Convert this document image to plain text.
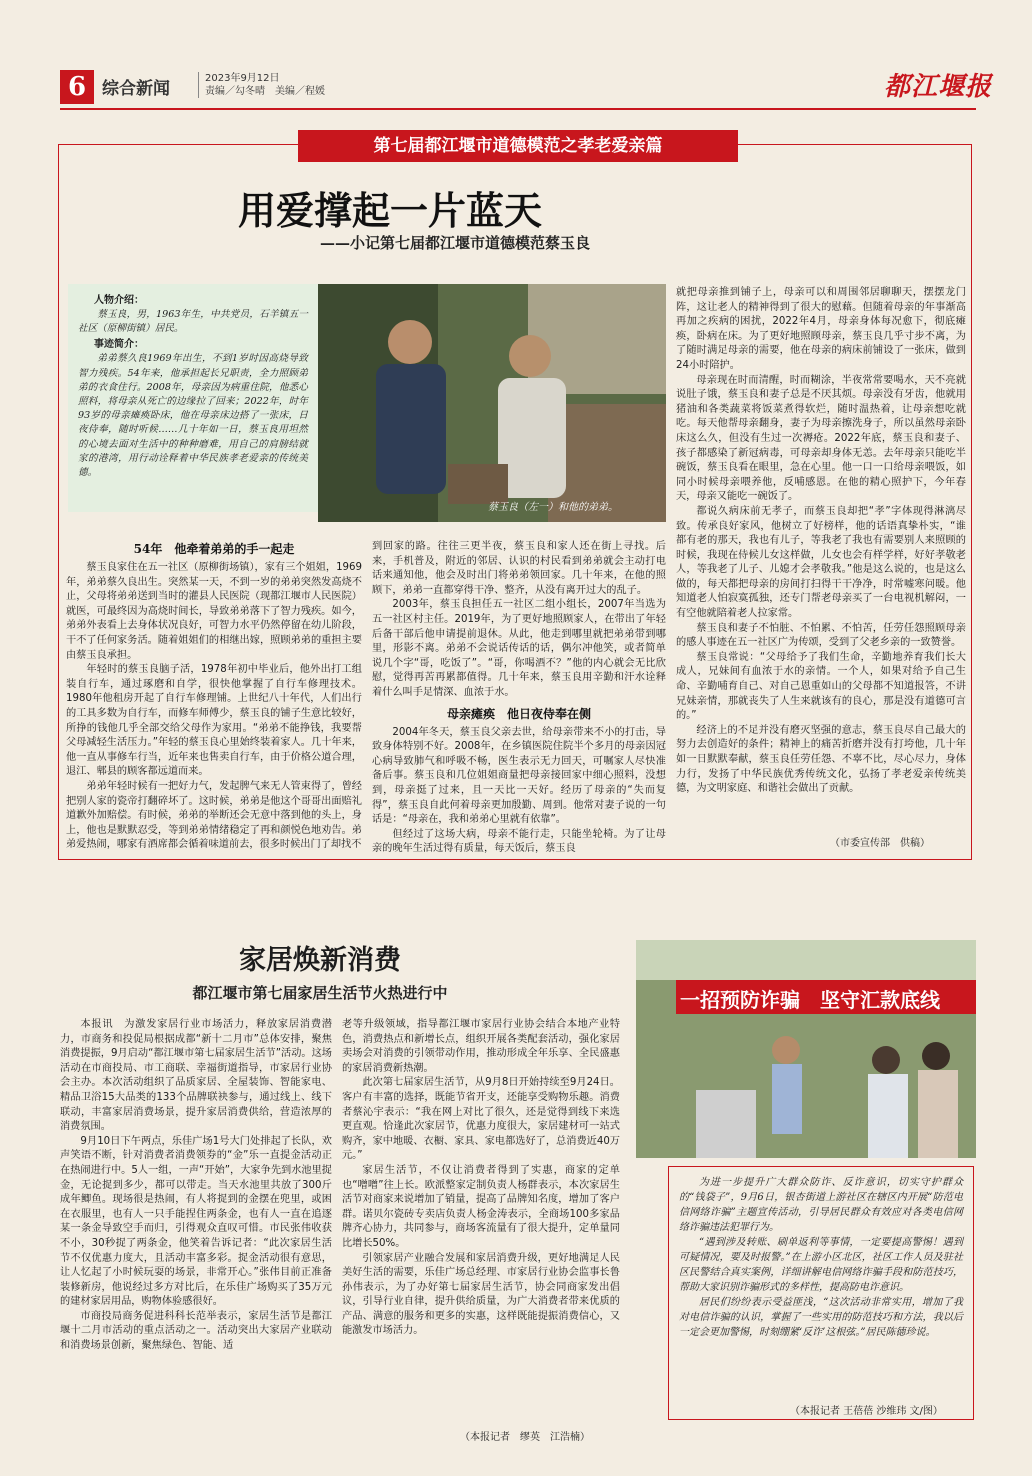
6 综合新闻
2023年9月12日
责编／勾冬晴　美编／程媛	都江堰报
第七届都江堰市道德模范之孝老爱亲篇
用爱撑起一片蓝天
——小记第七届都江堰市道德模范蔡玉良
人物介绍：
蔡玉良，男，1963年生，中共党员，石羊镇五一社区（原柳街镇）居民。
事迹简介：
弟弟蔡久良1969年出生，不到1岁时因高烧导致智力残疾。54年来，他承担起长兄职责，全力照顾弟弟的衣食住行。2008年，母亲因为病重住院，他悉心照料，将母亲从死亡的边缘拉了回来；2022年，时年93岁的母亲瘫痪卧床，他在母亲床边搭了一张床，日夜侍奉，随时听候……几十年如一日，蔡玉良用坦然的心境去面对生活中的种种磨难，用自己的肩膀结就家的港湾，用行动诠释着中华民族孝老爱亲的传统美德。
蔡玉良（左一）和他的弟弟。
54年　他牵着弟弟的手一起走

蔡玉良家住在五一社区（原柳街场镇），家有三个姐姐，1969年，弟弟蔡久良出生。突然某一天，不到一岁的弟弟突然发高烧不止，父母将弟弟送到当时的灌县人民医院（现都江堰市人民医院）就医，可最终因为高烧时间长，导致弟弟落下了智力残疾。如今，弟弟外表看上去身体状况良好，可智力水平仍然停留在幼儿阶段，干不了任何家务活。随着姐姐们的相继出嫁，照顾弟弟的重担主要由蔡玉良承担。

年轻时的蔡玉良脑子活，1978年初中毕业后，他外出打工组装自行车，通过琢磨和自学，很快他掌握了自行车修理技术。1980年他租房开起了自行车修理铺。上世纪八十年代，人们出行的工具多数为自行车，而修车师傅少，蔡玉良的铺子生意比较好，所挣的钱他几乎全部交给父母作为家用。“弟弟不能挣钱，我要帮父母减轻生活压力。”年轻的蔡玉良心里始终装着家人。几十年来，他一直从事修车行当，近年来也售卖自行车，由于价格公道合理，退江、郫县的顾客都远道而来。

弟弟年轻时候有一把好力气，发起脾气来无人管束得了，曾经把别人家的瓷帝打翻碎坏了。这时候，弟弟是他这个哥哥出面赔礼道歉外加赔偿。有时候，弟弟的举断还会无意中落到他的头上，身上，他也是默默忍受，等到弟弟情绪稳定了再和颜悦色地劝告。弟弟爱热闹，哪家有酒席都会循着味道前去，很多时候出门了却找不

到回家的路。往往三更半夜，蔡玉良和家人还在街上寻找。后来，手机普及，附近的邻居、认识的村民看到弟弟就会主动打电话来通知他，他会及时出门将弟弟领回家。几十年来，在他的照顾下，弟弟一直都穿得干净、整齐，从没有离开过大的乱子。

2003年，蔡玉良担任五一社区二组小组长，2007年当选为五一社区村主任。2019年，为了更好地照顾家人，在带出了年轻后备干部后他申请提前退休。从此，他走到哪里就把弟弟带到哪里，形影不离。弟弟不会说话传话的话，偶尔冲他笑，或者简单说几个字“哥，吃饭了”。“哥，你喝酒不？”他的内心就会无比欣慰，觉得再苦再累都值得。几十年来，蔡玉良用辛勤和汗水诠释着什么叫手足情深、血浓于水。

母亲瘫痪　他日夜侍奉在侧

2004年冬天，蔡玉良父亲去世，给母亲带来不小的打击，导致身体特别不好。2008年，在乡镇医院住院半个多月的母亲因冠心病导致肺气和呼吸不畅，医生表示无力回天，可嘱家人尽快准备后事。蔡玉良和几位姐姐商量把母亲接回家中细心照料，没想到，母亲挺了过来，且一天比一天好。经历了母亲的“失而复得”，蔡玉良自此何着母亲更加殷勤、周到。他常对妻子说的一句话是：“母亲在，我和弟弟心里就有依靠”。

但经过了这场大病，母亲不能行走，只能坐轮椅。为了让母亲的晚年生活过得有质量，每天饭后，蔡玉良

就把母亲推到铺子上，母亲可以和周围邻居聊聊天，摆摆龙门阵，这让老人的精神得到了很大的慰藉。但随着母亲的年事渐高再加之疾病的困扰，2022年4月，母亲身体每况愈下，彻底瘫痪，卧病在床。为了更好地照顾母亲，蔡玉良几乎寸步不离，为了随时满足母亲的需要，他在母亲的病床前铺设了一张床，做到24小时陪护。

母亲现在时而清醒，时而糊涂，半夜常常要喝水，天不亮就说肚子饿，蔡玉良和妻子总是不厌其烦。母亲没有牙齿，他就用猪油和各类蔬菜将饭菜煮得软烂，随时温热着，让母亲想吃就吃。每天他帮母亲翻身，妻子为母亲擦洗身子，所以虽然母亲卧床这么久，但没有生过一次褥疮。2022年底，蔡玉良和妻子、孩子都感染了新冠病毒，可母亲却身体无恙。去年母亲只能吃半碗饭，蔡玉良看在眼里，急在心里。他一口一口给母亲喂饭，如同小时候母亲喂养他，反哺感恩。在他的精心照护下，今年春天，母亲又能吃一碗饭了。

都说久病床前无孝子，而蔡玉良却把“孝”字体现得淋漓尽致。传承良好家风，他树立了好榜样，他的话语真挚朴实，“谁都有老的那天，我也有儿子，等我老了我也有需要别人来照顾的时候，我现在侍候儿女这样做，儿女也会有样学样，好好孝敬老人，等我老了儿子、儿媳才会孝敬我。”他是这么说的，也是这么做的，每天都把母亲的房间打扫得干干净净，时常嘘寒问暖。他知道老人怕寂寞孤独，还专门帮老母亲买了一台电视机解闷，一有空他就陪着老人拉家常。

蔡玉良和妻子不怕脏、不怕累、不怕苦，任劳任怨照顾母亲的感人事迹在五一社区广为传颂，受到了父老乡亲的一致赞誉。

蔡玉良常说：“父母给予了我们生命，辛勤地养育我们长大成人，兄妹间有血浓于水的亲情。一个人，如果对给予自己生命、辛勤哺育自己、对自己恩重如山的父母都不知道报答，不讲兄妹亲情，那就丧失了人生来就该有的良心，那是没有道德可言的。”

经济上的不足并没有磨灭坚强的意志，蔡玉良尽自己最大的努力去创造好的条件；精神上的痛苦折磨并没有打垮他，几十年如一日默默奉献，蔡玉良任劳任怨、不辜不比，尽心尽力，身体力行，发扬了中华民族优秀传统文化，弘扬了孝老爱亲传统美德，为文明家庭、和谐社会做出了贡献。

（市委宣传部　供稿）
家居焕新消费
都江堰市第七届家居生活节火热进行中

本报讯　为激发家居行业市场活力，释放家居消费潜力，市商务和投促局根据成都“新十二月市”总体安排，聚焦消费提振，9月启动“都江堰市第七届家居生活节”活动。这场活动在市商投局、市工商联、幸福街道指导，市家居行业协会主办。本次活动组织了品质家居、全屋装饰、智能家电、精品卫浴15大品类的133个品牌联袂参与，通过线上、线下联动，丰富家居消费场景，提升家居消费供给，营造浓厚的消费氛围。

9月10日下午两点，乐佳广场1号大门处排起了长队，欢声笑语不断，针对消费者消费领券的“金”乐一直提金活动正在热闹进行中。5人一组，一声“开始”，大家争先到水池里捉金，无论捉到多少，都可以带走。当天水池里共放了300斤成年鲫鱼。现场很是热闹，有人将捉到的金摆在兜里，或困在衣服里，也有人一只手能捏住两条金，也有人一直在追逐某一条金导致空手而归，引得观众直叹可惜。市民张伟收获不小，30秒捉了两条金，他笑着告诉记者：“此次家居生活节不仅优惠力度大，且活动丰富多彩。捉金活动很有意思，让人忆起了小时候玩耍的场景，非常开心。”张伟目前正准备装修新房，他说经过多方对比后，在乐佳广场购买了35万元的建材家居用品，购物体验感很好。

市商投局商务促进科科长范举表示，家居生活节是都江堰十二月市活动的重点活动之一。活动突出大家居产业联动和消费场景创新，聚焦绿色、智能、适

老等升级领域，指导都江堰市家居行业协会结合本地产业特色，消费热点和新增长点，组织开展各类配套活动，强化家居卖场会对消费的引领带动作用，推动形成全年乐享、全民盛惠的家居消费新热潮。

此次第七届家居生活节，从9月8日开始持续至9月24日。客户有丰富的选择，既能节省开支，还能享受购物乐趣。消费者蔡沁宇表示：“我在网上对比了很久，还是觉得到线下来选更直观。恰逢此次家居节，优惠力度很大，家居建材可一站式购齐，家中地暖、衣橱、家具、家电都选好了，总消费近40万元。”

家居生活节，不仅让消费者得到了实惠，商家的定单也“噌噌”往上长。欧派整家定制负责人杨群表示，本次家居生活节对商家来说增加了销量，提高了品牌知名度，增加了客户群。诺贝尔瓷砖专卖店负责人杨金涛表示，全商场100多家品牌齐心协力，共同参与，商场客流量有了很大提升，定单量同比增长50%。

引领家居产业融合发展和家居消费升级，更好地满足人民美好生活的需要，乐佳广场总经理、市家居行业协会监事长鲁孙伟表示，为了办好第七届家居生活节，协会同商家发出倡议，引导行业自律，提升供给质量，为广大消费者带来优质的产品、满意的服务和更多的实惠，这样既能提振消费信心，又能激发市场活力。

（本报记者　缪英　江浩楠）
一招预防诈骗　坚守汇款底线

为进一步提升广大群众防诈、反诈意识，切实守护群众的“钱袋子”，9月6日，银杏街道上游社区在辖区内开展“防范电信网络诈骗”主题宣传活动，引导居民群众有效应对各类电信网络诈骗违法犯罪行为。

“遇到涉及转账、刷单返利等事情，一定要提高警惕！遇到可疑情况，要及时报警。”在上游小区北区，社区工作人员及驻社区民警结合真实案例，详细讲解电信网络诈骗手段和防范技巧，帮助大家识别诈骗形式的多样性，提高防电诈意识。

居民们纷纷表示受益匪浅，“这次活动非常实用，增加了我对电信诈骗的认识，掌握了一些实用的防范技巧和方法，我以后一定会更加警惕，时刻绷紧‘反诈’这根弦。”居民陈德珍说。

（本报记者 王蓓蓓 沙维玮 文/图）
